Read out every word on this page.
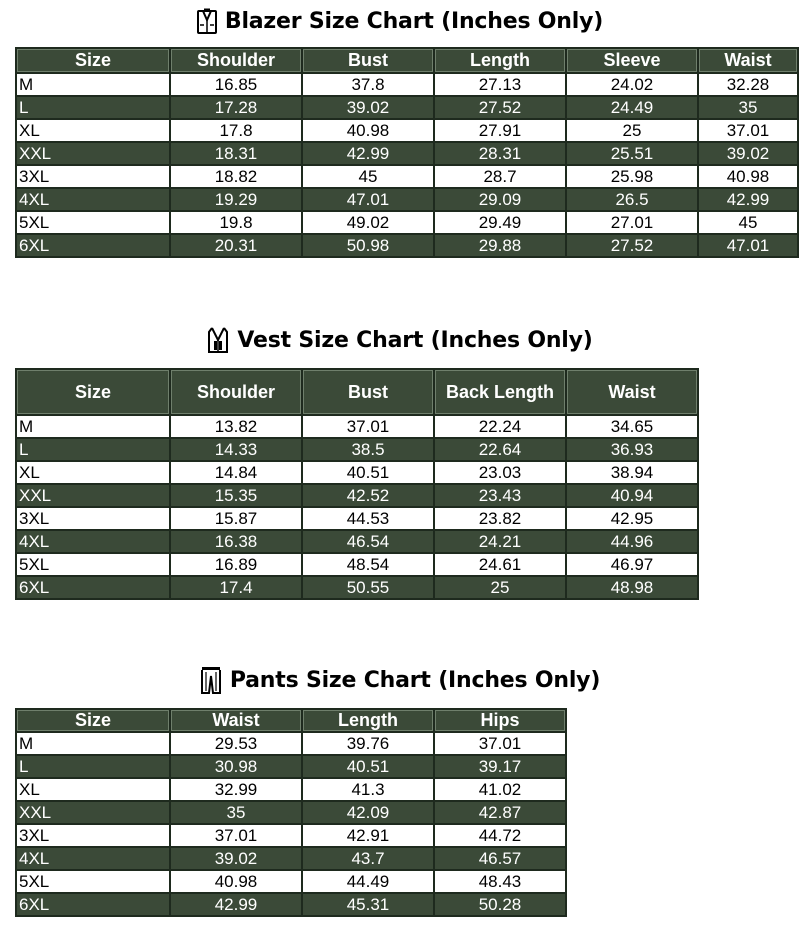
Blazer Size Chart (Inches Only)
Size	Shoulder	Bust	Length	Sleeve	Waist
M	16.85	37.8	27.13	24.02	32.28
L	17.28	39.02	27.52	24.49	35
XL	17.8	40.98	27.91	25	37.01
XXL	18.31	42.99	28.31	25.51	39.02
3XL	18.82	45	28.7	25.98	40.98
4XL	19.29	47.01	29.09	26.5	42.99
5XL	19.8	49.02	29.49	27.01	45
6XL	20.31	50.98	29.88	27.52	47.01
Vest Size Chart (Inches Only)
Size	Shoulder	Bust	Back Length	Waist
M	13.82	37.01	22.24	34.65
L	14.33	38.5	22.64	36.93
XL	14.84	40.51	23.03	38.94
XXL	15.35	42.52	23.43	40.94
3XL	15.87	44.53	23.82	42.95
4XL	16.38	46.54	24.21	44.96
5XL	16.89	48.54	24.61	46.97
6XL	17.4	50.55	25	48.98
Pants Size Chart (Inches Only)
Size	Waist	Length	Hips
M	29.53	39.76	37.01
L	30.98	40.51	39.17
XL	32.99	41.3	41.02
XXL	35	42.09	42.87
3XL	37.01	42.91	44.72
4XL	39.02	43.7	46.57
5XL	40.98	44.49	48.43
6XL	42.99	45.31	50.28
